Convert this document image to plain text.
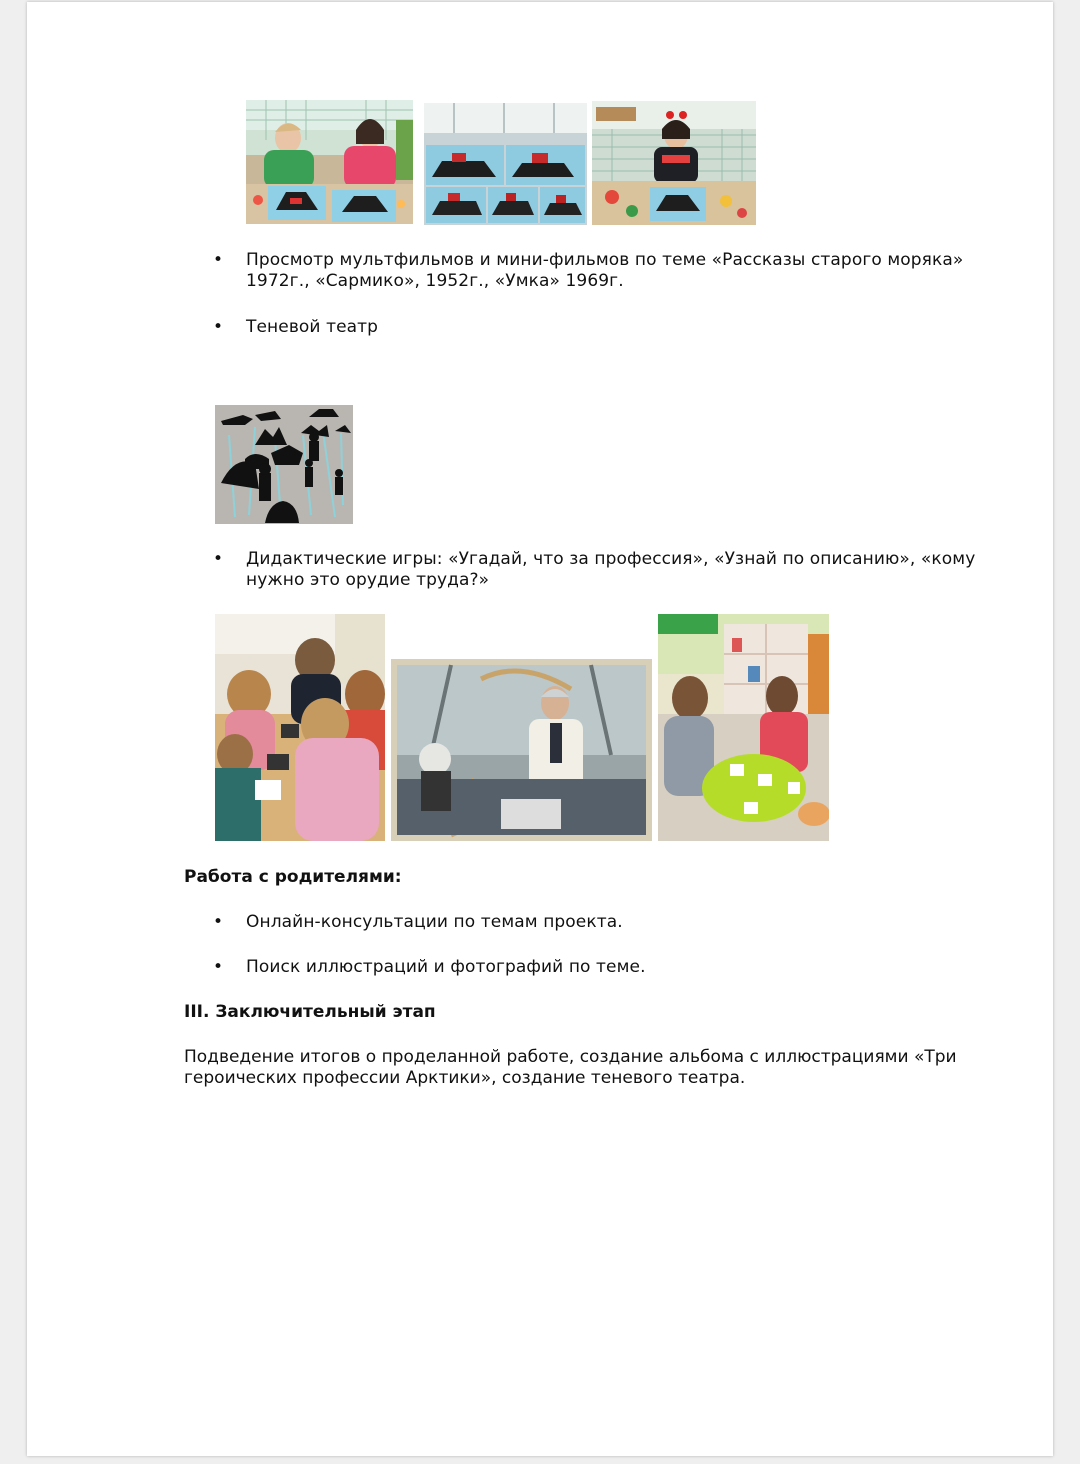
• Просмотр мультфильмов и мини-фильмов по теме «Рассказы старого моряка»
1972г., «Сармико», 1952г., «Умка» 1969г.
• Теневой театр
• Дидактические игры: «Угадай, что за профессия», «Узнай по описанию», «кому
нужно это орудие труда?»
Работа с родителями:
• Онлайн-консультации по темам проекта.
• Поиск иллюстраций и фотографий по теме.
III. Заключительный этап
Подведение итогов о проделанной работе, создание альбома с иллюстрациями «Три
героических профессии Арктики», создание теневого театра.
